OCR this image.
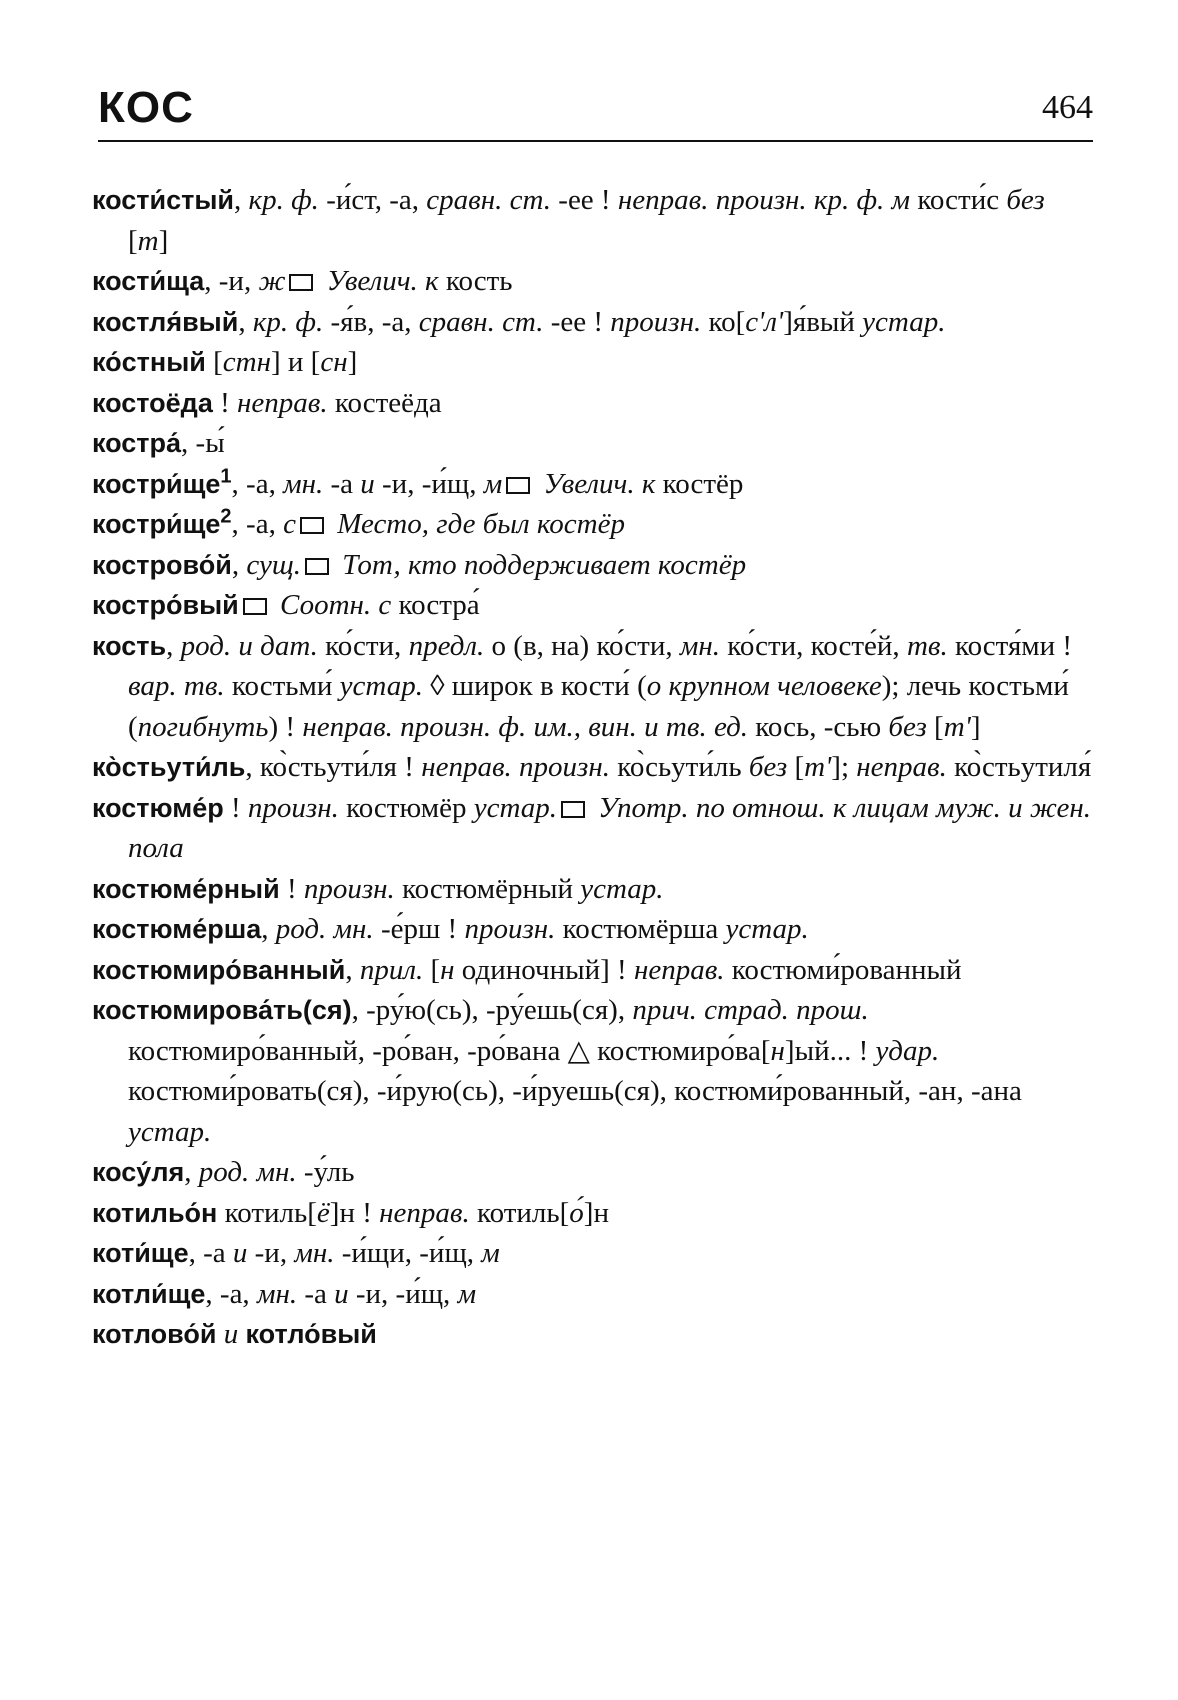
КОС	464

кости́стый, кр. ф. -и́ст, -а, сравн. ст. -ее ! неправ. произн. кр. ф. м кости́с без [т]

кости́ща, -и, ж Увелич. к кость

костля́вый, кр. ф. -я́в, -а, сравн. ст. -ее ! произн. ко[с'л']я́вый устар.

ко́стный [стн] и [сн]

костоёда ! неправ. костеёда

костра́, -ы́

$костри́ще^1$, -а, мн. -а и -и, -и́щ, м Увелич. к костёр

$костри́ще^2$, -а, с Место, где был костёр

кострово́й, сущ. Тот, кто поддерживает костёр

костро́вый Соотн. с костра́

кость, род. и дат. ко́сти, предл. о (в, на) ко́сти, мн. ко́сти, косте́й, тв. костя́ми ! вар. тв. костьми́ устар. ◊ широк в кости́ (о крупном человеке); лечь костьми́ (погибнуть) ! неправ. произн. ф. им., вин. и тв. ед. кось, -сью без [т']

ко̀стьути́ль, ко̀стьути́ля ! неправ. произн. ко̀сьути́ль без [т']; неправ. ко̀стьутиля́

костюме́р ! произн. костюмёр устар. Употр. по отнош. к лицам муж. и жен. пола

костюме́рный ! произн. костюмёрный устар.

костюме́рша, род. мн. -е́рш ! произн. костюмёрша устар.

костюмиро́ванный, прил. [н одиночный] ! неправ. костюми́рованный

костюмирова́ть(ся), -ру́ю(сь), -ру́ешь(ся), прич. страд. прош. костюмиро́ванный, -ро́ван, -ро́вана △ костюмиро́ва[н]ый... ! удар. костюми́ровать(ся), -и́рую(сь), -и́руешь(ся), костюми́рованный, -ан, -ана устар.

косу́ля, род. мн. -у́ль

котильо́н котиль[ё]н ! неправ. котиль[о́]н

коти́ще, -а и -и, мн. -и́щи, -и́щ, м

котли́ще, -а, мн. -а и -и, -и́щ, м

котлово́й и котло́вый
